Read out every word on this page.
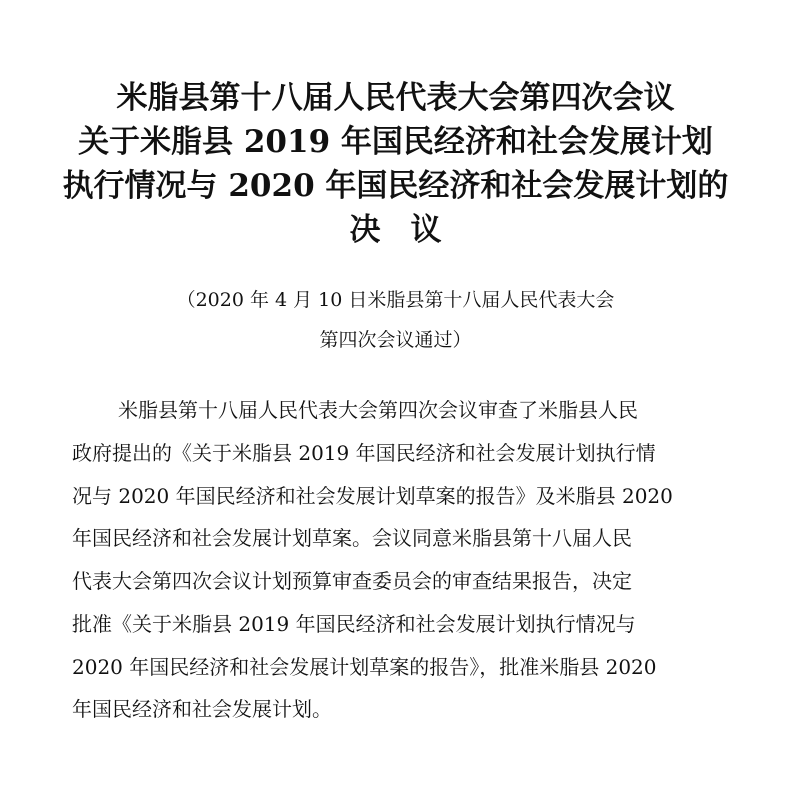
米脂县第十八届人民代表大会第四次会议
关于米脂县 2019 年国民经济和社会发展计划
执行情况与 2020 年国民经济和社会发展计划的
决 议
（2020 年 4 月 10 日米脂县第十八届人民代表大会
第四次会议通过）
米脂县第十八届人民代表大会第四次会议审查了米脂县人民
政府提出的《关于米脂县 2019 年国民经济和社会发展计划执行情
况与 2020 年国民经济和社会发展计划草案的报告》及米脂县 2020
年国民经济和社会发展计划草案。会议同意米脂县第十八届人民
代表大会第四次会议计划预算审查委员会的审查结果报告，决定
批准《关于米脂县 2019 年国民经济和社会发展计划执行情况与
2020 年国民经济和社会发展计划草案的报告》，批准米脂县 2020
年国民经济和社会发展计划。
